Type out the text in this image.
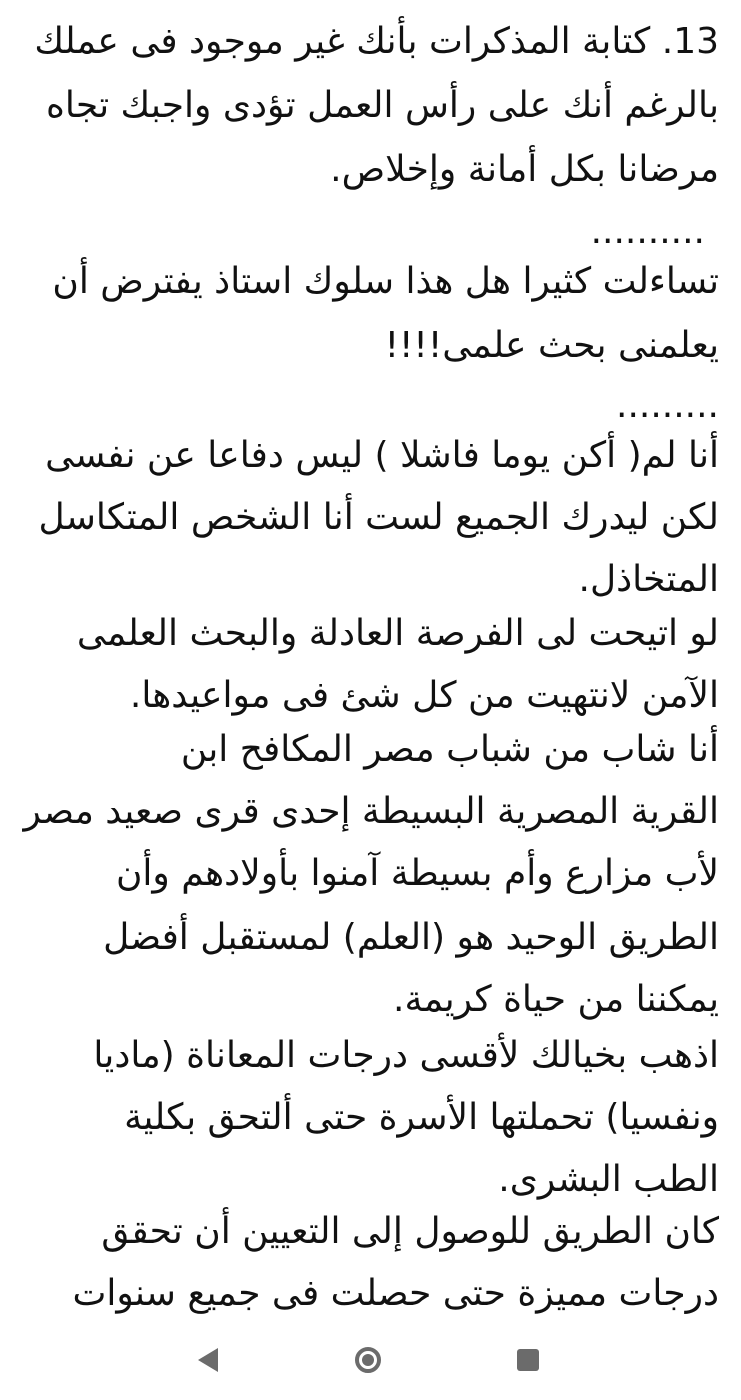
13. كتابة المذكرات بأنك غير موجود فى عملك
بالرغم أنك على رأس العمل تؤدى واجبك تجاه
مرضانا بكل أمانة وإخلاص.
..........
تساءلت كثيرا هل هذا سلوك استاذ يفترض أن
يعلمنى بحث علمى!!!!
.........
أنا لم( أكن يوما فاشلا ) ليس دفاعا عن نفسى
لكن ليدرك الجميع لست أنا الشخص المتكاسل
المتخاذل.
لو اتيحت لى الفرصة العادلة والبحث العلمى
الآمن لانتهيت من كل شئ فى مواعيدها.
أنا شاب من شباب مصر المكافح ابن
القرية المصرية البسيطة إحدى قرى صعيد مصر
لأب مزارع وأم بسيطة آمنوا بأولادهم وأن
الطريق الوحيد هو (العلم) لمستقبل أفضل
يمكننا من حياة كريمة.
اذهب بخيالك لأقسى درجات المعاناة (ماديا
ونفسيا) تحملتها الأسرة حتى ألتحق بكلية
الطب البشرى.
كان الطريق للوصول إلى التعيين أن تحقق
درجات مميزة حتى حصلت فى جميع سنوات
